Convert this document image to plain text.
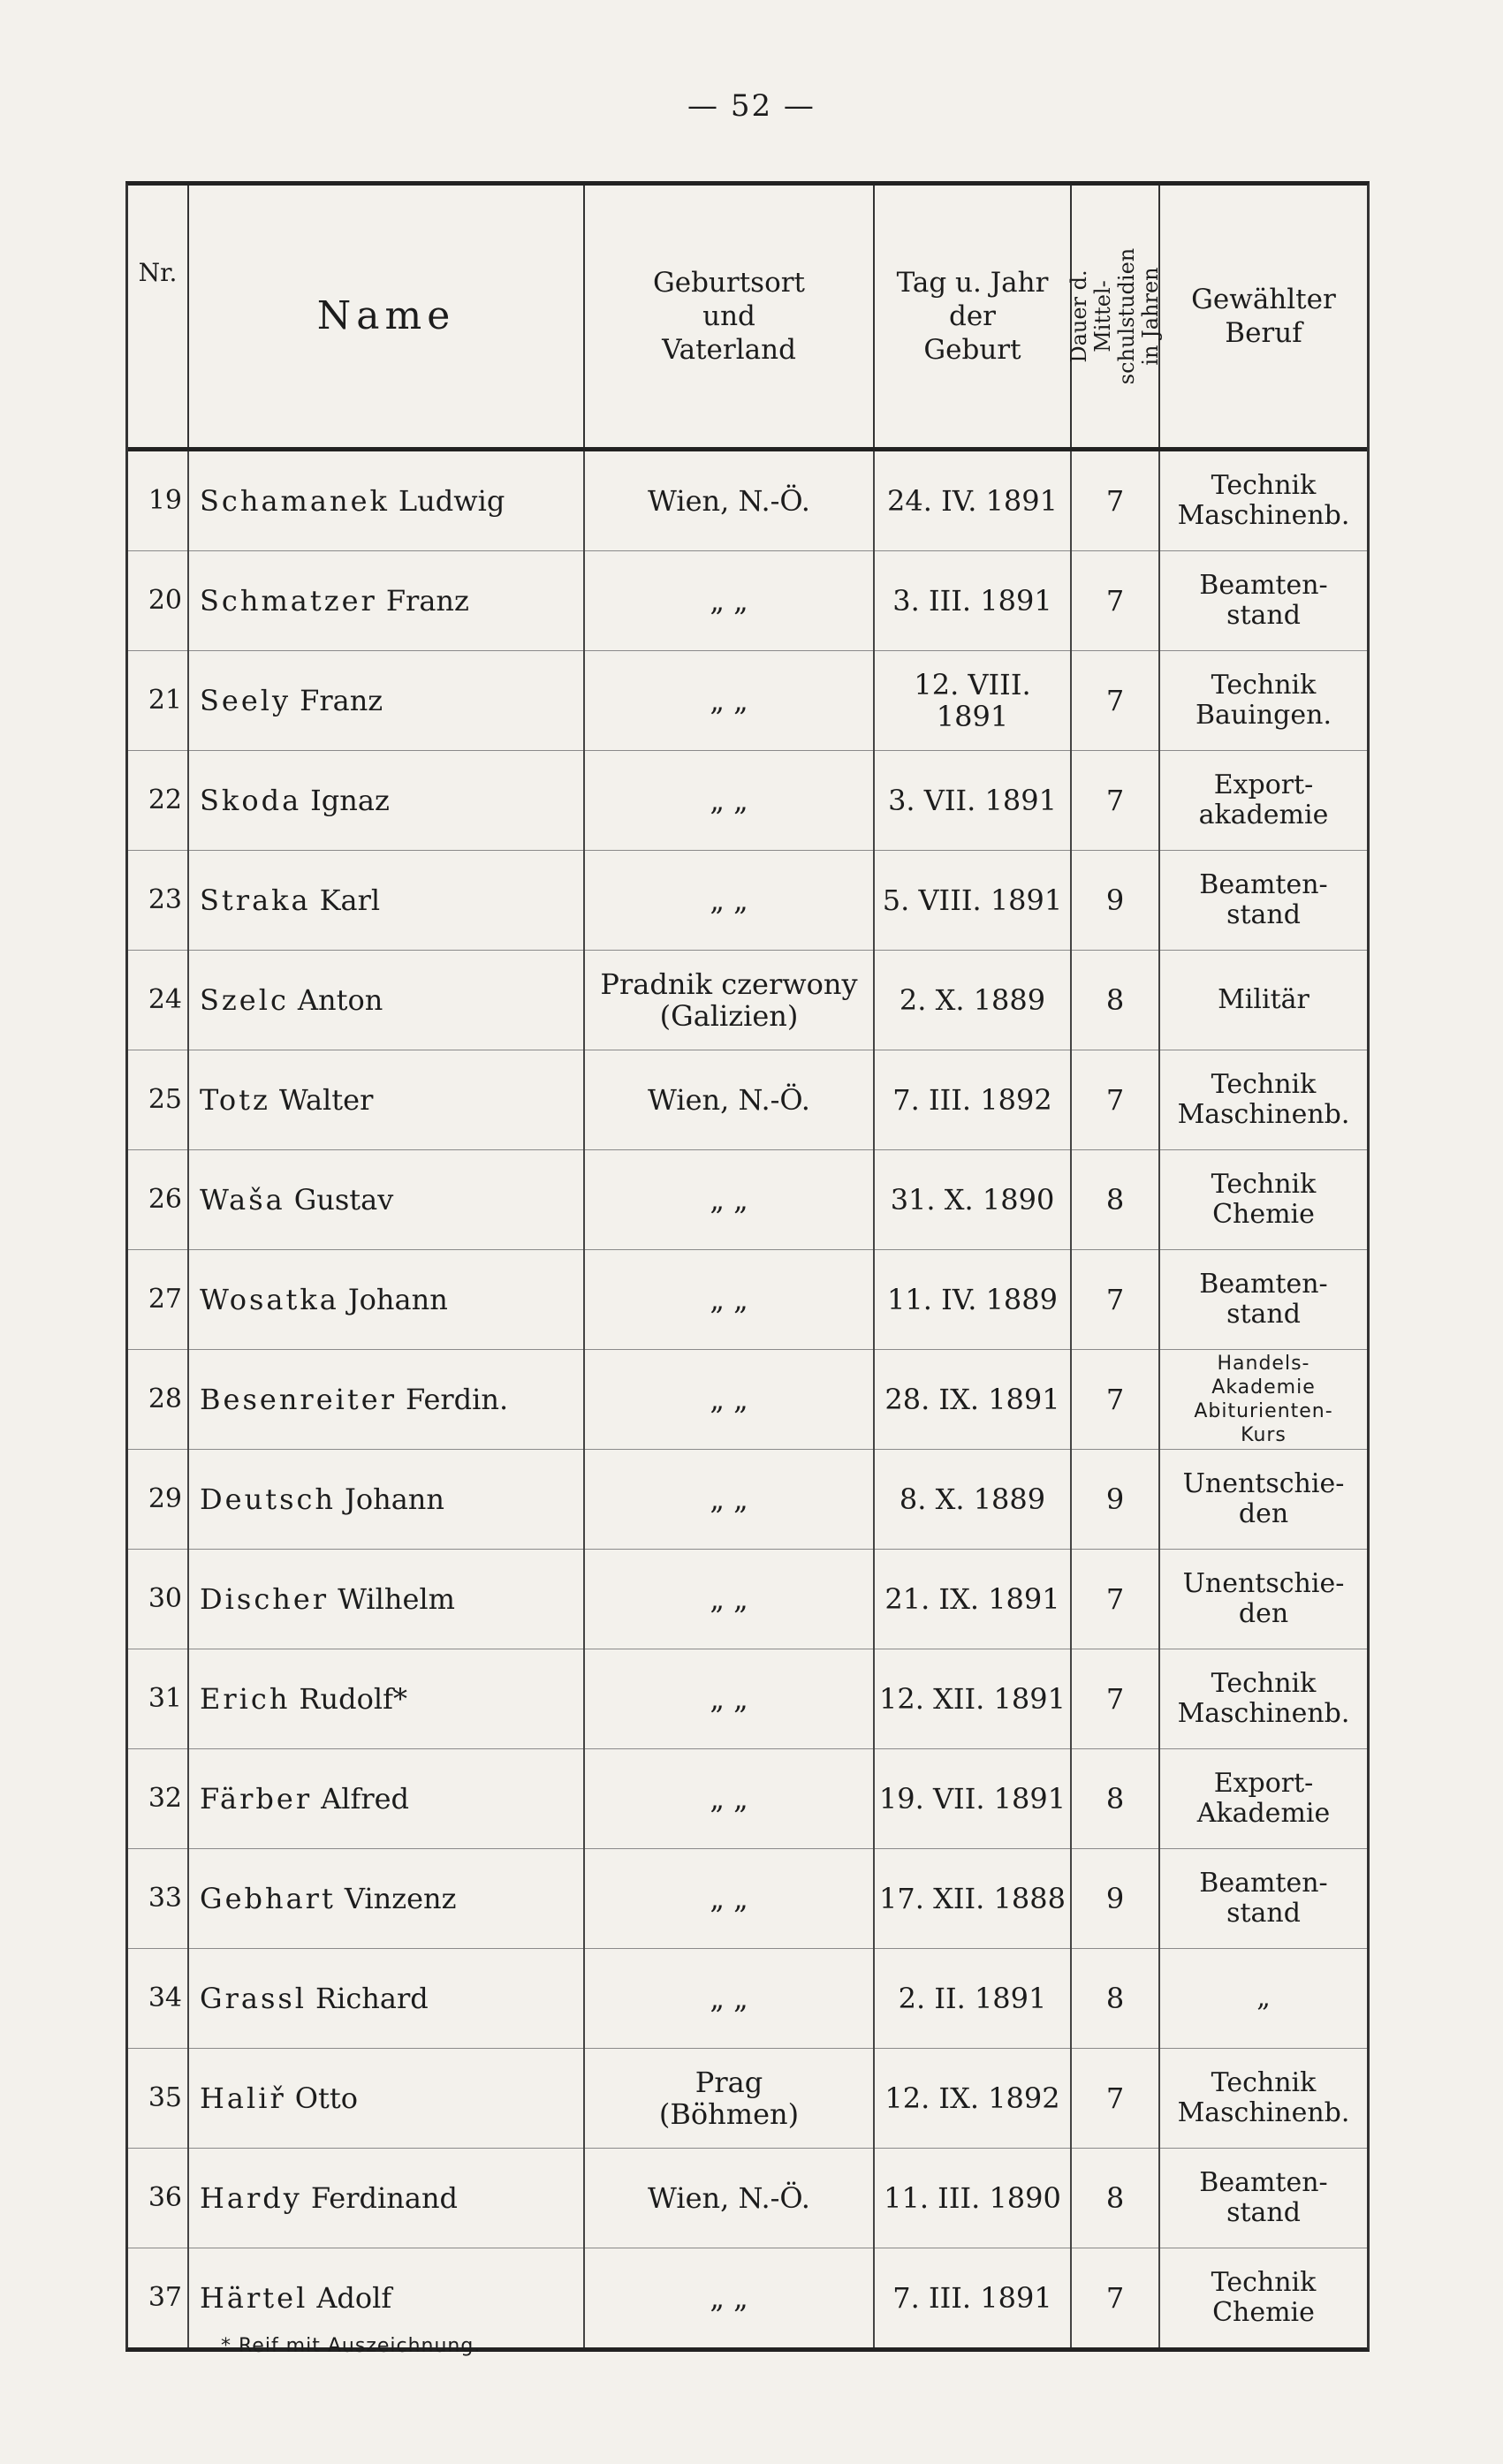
— 52 —
Nr.	Name	Geburtsort
und
Vaterland	Tag u. Jahr
der
Geburt	Dauer d. Mittel-
schulstudien
in Jahren	Gewählter
Beruf
19	Schamanek Ludwig	Wien, N.-Ö.	24. IV. 1891	7	Technik
Maschinenb.
20	Schmatzer Franz	„ „	3. III. 1891	7	Beamten-
stand
21	Seely Franz	„ „	12. VIII. 1891	7	Technik
Bauingen.
22	Skoda Ignaz	„ „	3. VII. 1891	7	Export-
akademie
23	Straka Karl	„ „	5. VIII. 1891	9	Beamten-
stand
24	Szelc Anton	Pradnik czerwony
(Galizien)	2. X. 1889	8	Militär
25	Totz Walter	Wien, N.-Ö.	7. III. 1892	7	Technik
Maschinenb.
26	Waša Gustav	„ „	31. X. 1890	8	Technik
Chemie
27	Wosatka Johann	„ „	11. IV. 1889	7	Beamten-
stand
28	Besenreiter Ferdin.	„ „	28. IX. 1891	7	Handels-
Akademie
Abiturienten-
Kurs
29	Deutsch Johann	„ „	8. X. 1889	9	Unentschie-
den
30	Discher Wilhelm	„ „	21. IX. 1891	7	Unentschie-
den
31	Erich Rudolf*	„ „	12. XII. 1891	7	Technik
Maschinenb.
32	Färber Alfred	„ „	19. VII. 1891	8	Export-
Akademie
33	Gebhart Vinzenz	„ „	17. XII. 1888	9	Beamten-
stand
34	Grassl Richard	„ „	2. II. 1891	8	„
35	Haliř Otto	Prag
(Böhmen)	12. IX. 1892	7	Technik
Maschinenb.
36	Hardy Ferdinand	Wien, N.-Ö.	11. III. 1890	8	Beamten-
stand
37	Härtel Adolf	„ „	7. III. 1891	7	Technik
Chemie
* Reif mit Auszeichnung.
